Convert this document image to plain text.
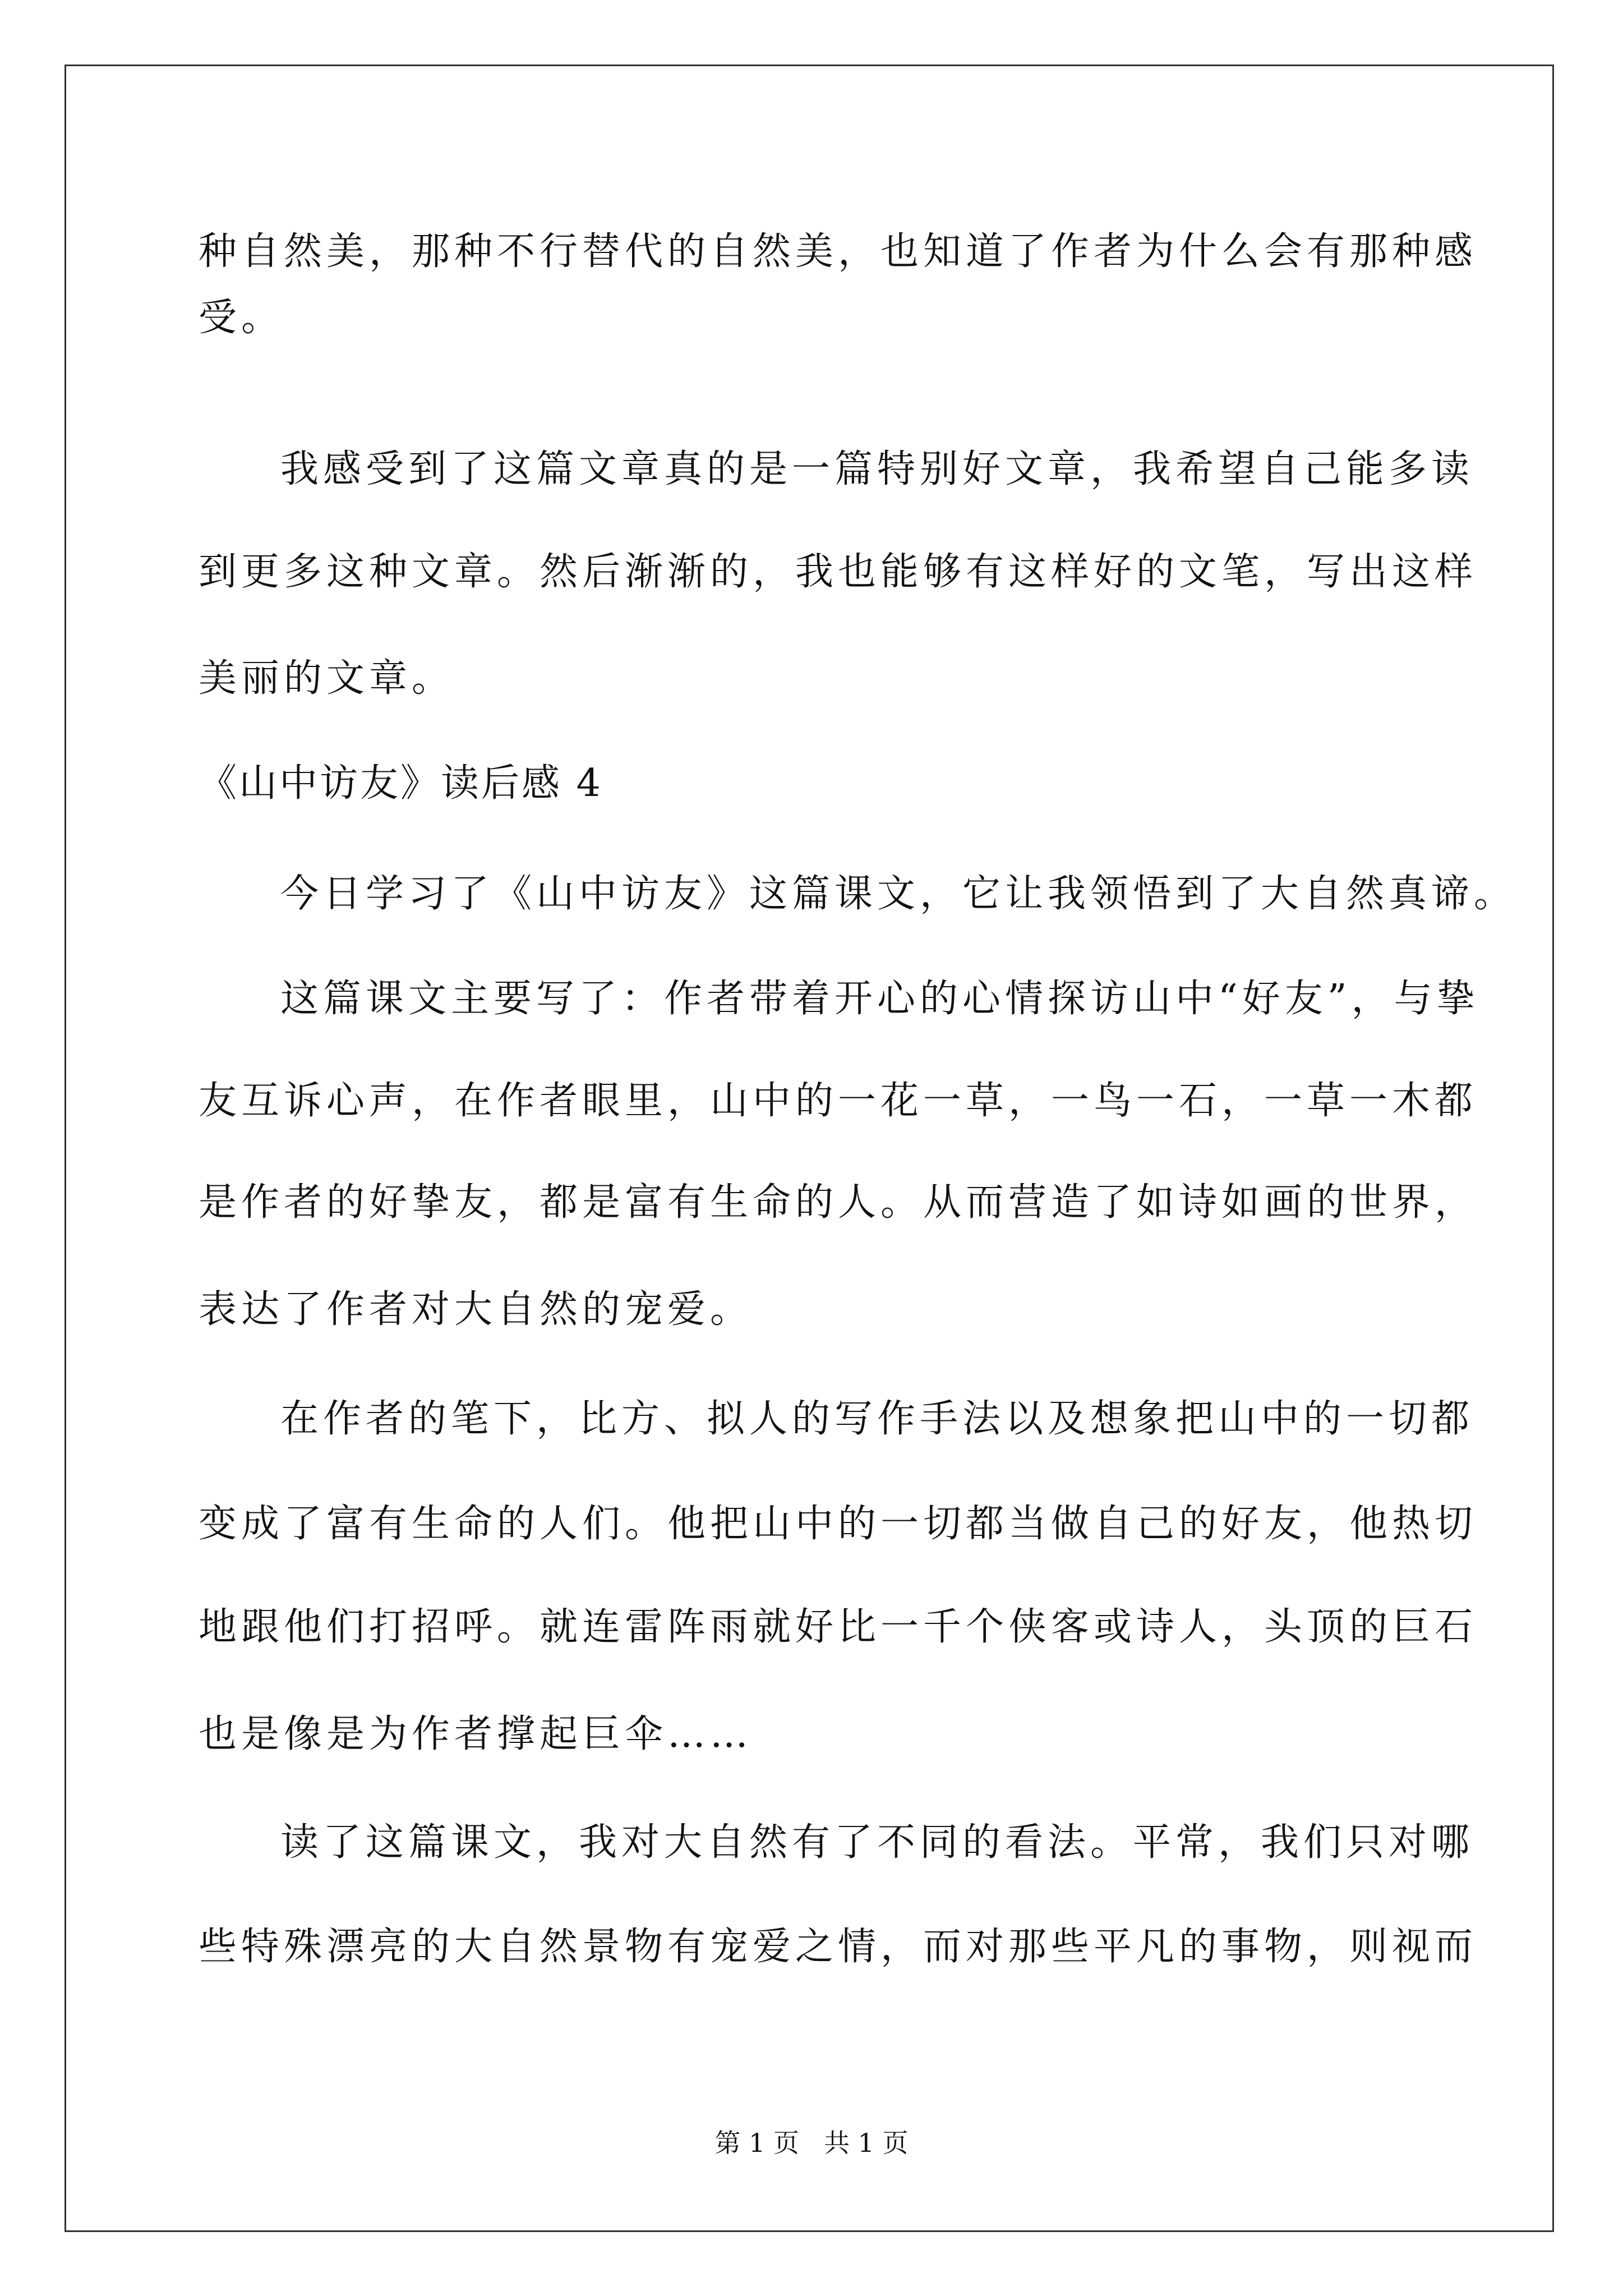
种自然美，那种不行替代的自然美，也知道了作者为什么会有那种感
受。
我感受到了这篇文章真的是一篇特别好文章，我希望自己能多读
到更多这种文章。然后渐渐的，我也能够有这样好的文笔，写出这样
美丽的文章。
《山中访友》读后感 4
今日学习了《山中访友》这篇课文，它让我领悟到了大自然真谛。
这篇课文主要写了：作者带着开心的心情探访山中“好友”，与挚
友互诉心声，在作者眼里，山中的一花一草，一鸟一石，一草一木都
是作者的好挚友，都是富有生命的人。从而营造了如诗如画的世界，
表达了作者对大自然的宠爱。
在作者的笔下，比方、拟人的写作手法以及想象把山中的一切都
变成了富有生命的人们。他把山中的一切都当做自己的好友，他热切
地跟他们打招呼。就连雷阵雨就好比一千个侠客或诗人，头顶的巨石
也是像是为作者撑起巨伞……
读了这篇课文，我对大自然有了不同的看法。平常，我们只对哪
些特殊漂亮的大自然景物有宠爱之情，而对那些平凡的事物，则视而
第 1 页 共 1 页
